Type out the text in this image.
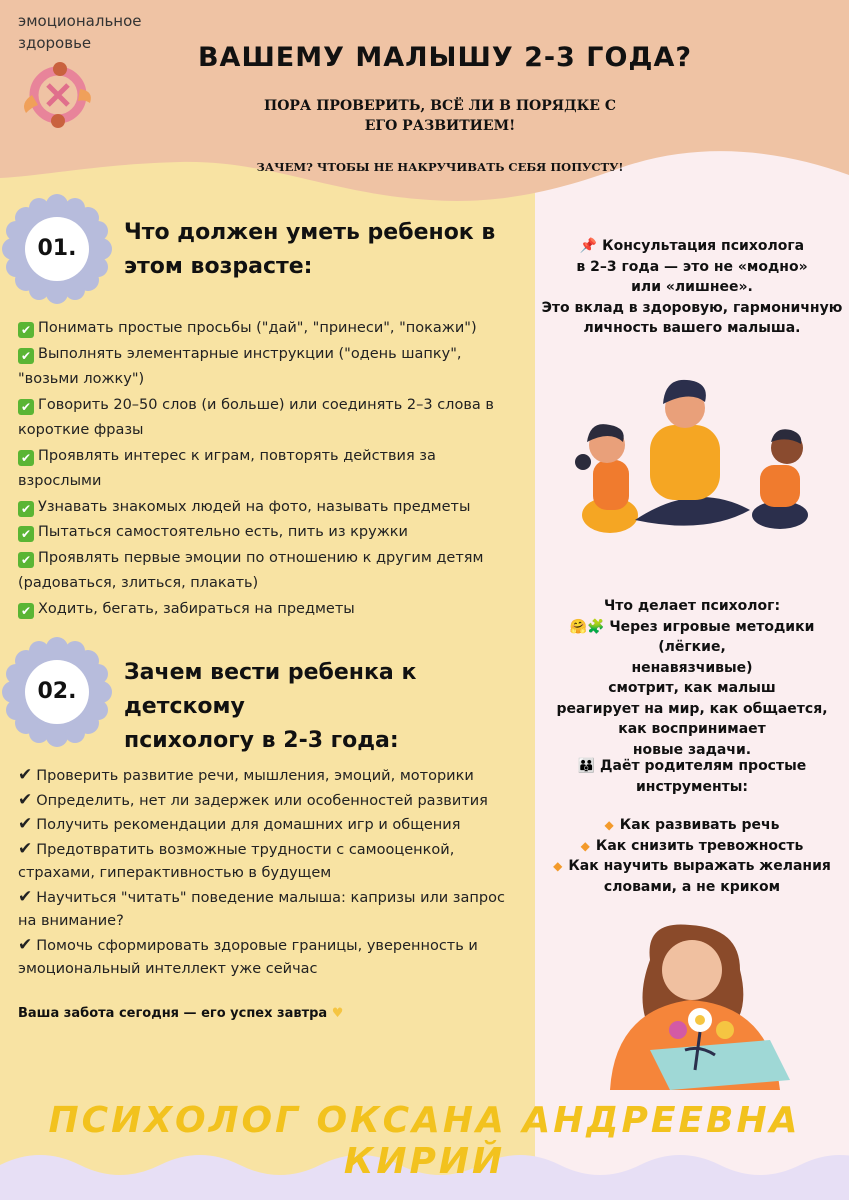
эмоциональное
здоровье	ВАШЕМУ МАЛЫШУ 2-3 ГОДА?
ПОРА ПРОВЕРИТЬ, ВСЁ ЛИ В ПОРЯДКЕ С
ЕГО РАЗВИТИЕМ!
ЗАЧЕМ? ЧТОБЫ НЕ НАКРУЧИВАТЬ СЕБЯ ПОПУСТУ!
01.
Что должен уметь ребенок в
этом возрасте:
✔ Понимать простые просьбы ("дай", "принеси", "покажи")
✔ Выполнять элементарные инструкции ("одень шапку", "возьми ложку")
✔ Говорить 20–50 слов (и больше) или соединять 2–3 слова в короткие фразы
✔ Проявлять интерес к играм, повторять действия за взрослыми
✔ Узнавать знакомых людей на фото, называть предметы
✔ Пытаться самостоятельно есть, пить из кружки
✔ Проявлять первые эмоции по отношению к другим детям (радоваться, злиться, плакать)
✔ Ходить, бегать, забираться на предметы
02.
Зачем вести ребенка к детскому
психологу в 2-3 года:
✔ Проверить развитие речи, мышления, эмоций, моторики
✔ Определить, нет ли задержек или особенностей развития
✔ Получить рекомендации для домашних игр и общения
✔ Предотвратить возможные трудности с самооценкой, страхами, гиперактивностью в будущем
✔ Научиться "читать" поведение малыша: капризы или запрос на внимание?
✔ Помочь сформировать здоровые границы, уверенность и эмоциональный интеллект уже сейчас
Ваша забота сегодня — его успех завтра ♥
📌 Консультация психолога
в 2–3 года — это не «модно»
или «лишнее».
Это вклад в здоровую, гармоничную
личность вашего малыша.
Что делает психолог:
🤗🧩 Через игровые методики (лёгкие,
ненавязчивые)
смотрит, как малыш
реагирует на мир, как общается,
как воспринимает
новые задачи.
👪 Даёт родителям простые
инструменты:
◆ Как развивать речь
◆ Как снизить тревожность
◆ Как научить выражать желания
словами, а не криком
ПСИХОЛОГ ОКСАНА АНДРЕЕВНА КИРИЙ
